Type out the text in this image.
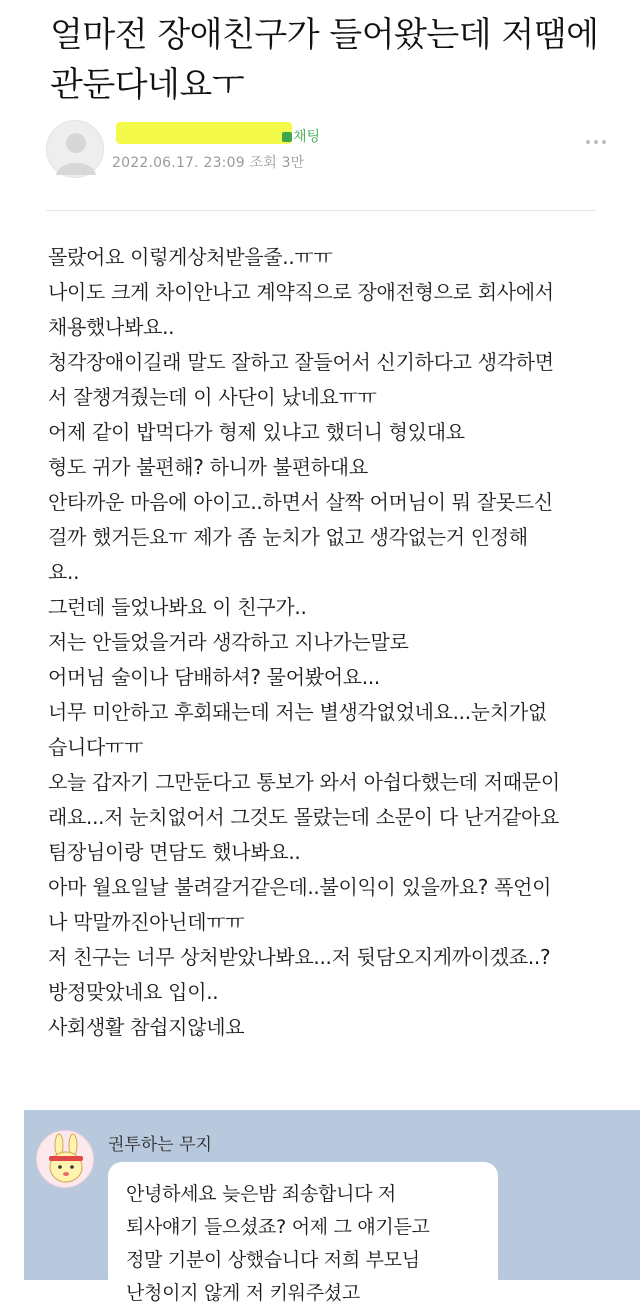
얼마전 장애친구가 들어왔는데 저땜에
관둔다네요ㅜ
채팅
2022.06.17. 23:09 조회 3만

몰랐어요 이렇게상처받을줄..ㅠㅠ

나이도 크게 차이안나고 계약직으로 장애전형으로 회사에서

채용했나봐요..

청각장애이길래 말도 잘하고 잘들어서 신기하다고 생각하면

서 잘챙겨줬는데 이 사단이 났네요ㅠㅠ

어제 같이 밥먹다가 형제 있냐고 했더니 형있대요

형도 귀가 불편해? 하니까 불편하대요

안타까운 마음에 아이고..하면서 살짝 어머님이 뭐 잘못드신

걸까 했거든요ㅠ 제가 좀 눈치가 없고 생각없는거 인정해

요..

그런데 들었나봐요 이 친구가..

저는 안들었을거라 생각하고 지나가는말로

어머님 술이나 담배하셔? 물어봤어요...

너무 미안하고 후회돼는데 저는 별생각없었네요...눈치가없

습니다ㅠㅠ

오늘 갑자기 그만둔다고 통보가 와서 아쉽다했는데 저때문이

래요...저 눈치없어서 그것도 몰랐는데 소문이 다 난거같아요

팀장님이랑 면담도 했나봐요..

아마 월요일날 불려갈거같은데..불이익이 있을까요? 폭언이

나 막말까진아닌데ㅠㅠ

저 친구는 너무 상처받았나봐요...저 뒷담오지게까이겠죠..?

방정맞았네요 입이..

사회생활 참쉽지않네요

권투하는 무지

안녕하세요 늦은밤 죄송합니다 저

퇴사얘기 들으셨죠? 어제 그 얘기듣고

정말 기분이 상했습니다 저희 부모님

난청이지 않게 저 키워주셨고
